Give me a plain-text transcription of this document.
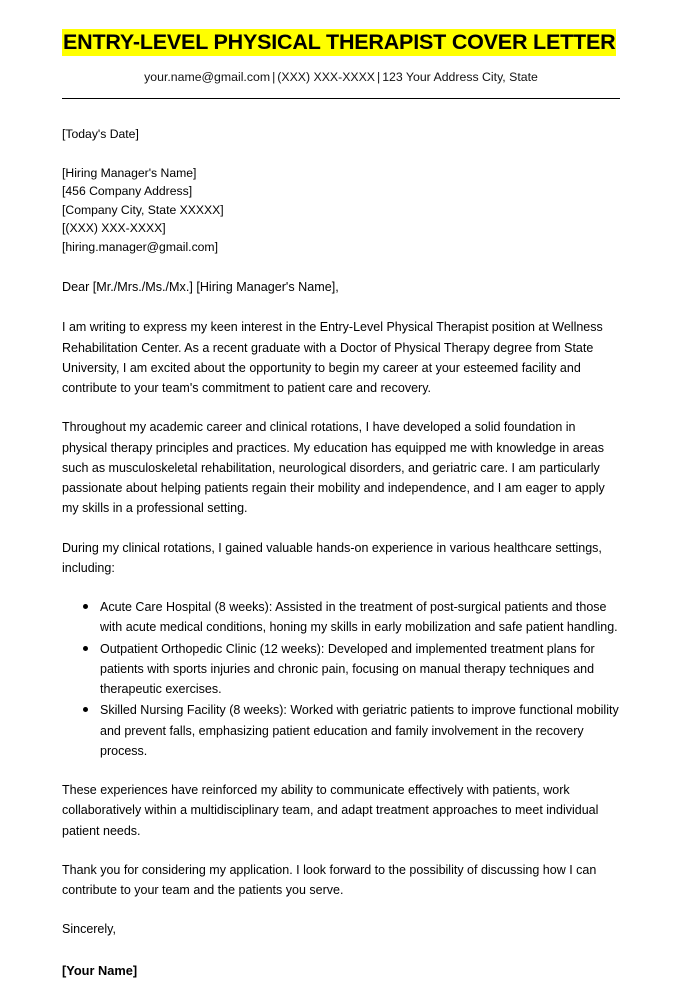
ENTRY-LEVEL PHYSICAL THERAPIST COVER LETTER
your.name@gmail.com | (XXX) XXX-XXXX | 123 Your Address City, State
[Today's Date]
[Hiring Manager's Name]
[456 Company Address]
[Company City, State XXXXX]
[(XXX) XXX-XXXX]
[hiring.manager@gmail.com]
Dear [Mr./Mrs./Ms./Mx.] [Hiring Manager's Name],

I am writing to express my keen interest in the Entry-Level Physical Therapist position at Wellness Rehabilitation Center. As a recent graduate with a Doctor of Physical Therapy degree from State University, I am excited about the opportunity to begin my career at your esteemed facility and contribute to your team's commitment to patient care and recovery.

Throughout my academic career and clinical rotations, I have developed a solid foundation in physical therapy principles and practices. My education has equipped me with knowledge in areas such as musculoskeletal rehabilitation, neurological disorders, and geriatric care. I am particularly passionate about helping patients regain their mobility and independence, and I am eager to apply my skills in a professional setting.

During my clinical rotations, I gained valuable hands-on experience in various healthcare settings, including:

Acute Care Hospital (8 weeks): Assisted in the treatment of post-surgical patients and those with acute medical conditions, honing my skills in early mobilization and safe patient handling.
Outpatient Orthopedic Clinic (12 weeks): Developed and implemented treatment plans for patients with sports injuries and chronic pain, focusing on manual therapy techniques and therapeutic exercises.
Skilled Nursing Facility (8 weeks): Worked with geriatric patients to improve functional mobility and prevent falls, emphasizing patient education and family involvement in the recovery process.

These experiences have reinforced my ability to communicate effectively with patients, work collaboratively within a multidisciplinary team, and adapt treatment approaches to meet individual patient needs.

Thank you for considering my application. I look forward to the possibility of discussing how I can contribute to your team and the patients you serve.

Sincerely,
[Your Name]
